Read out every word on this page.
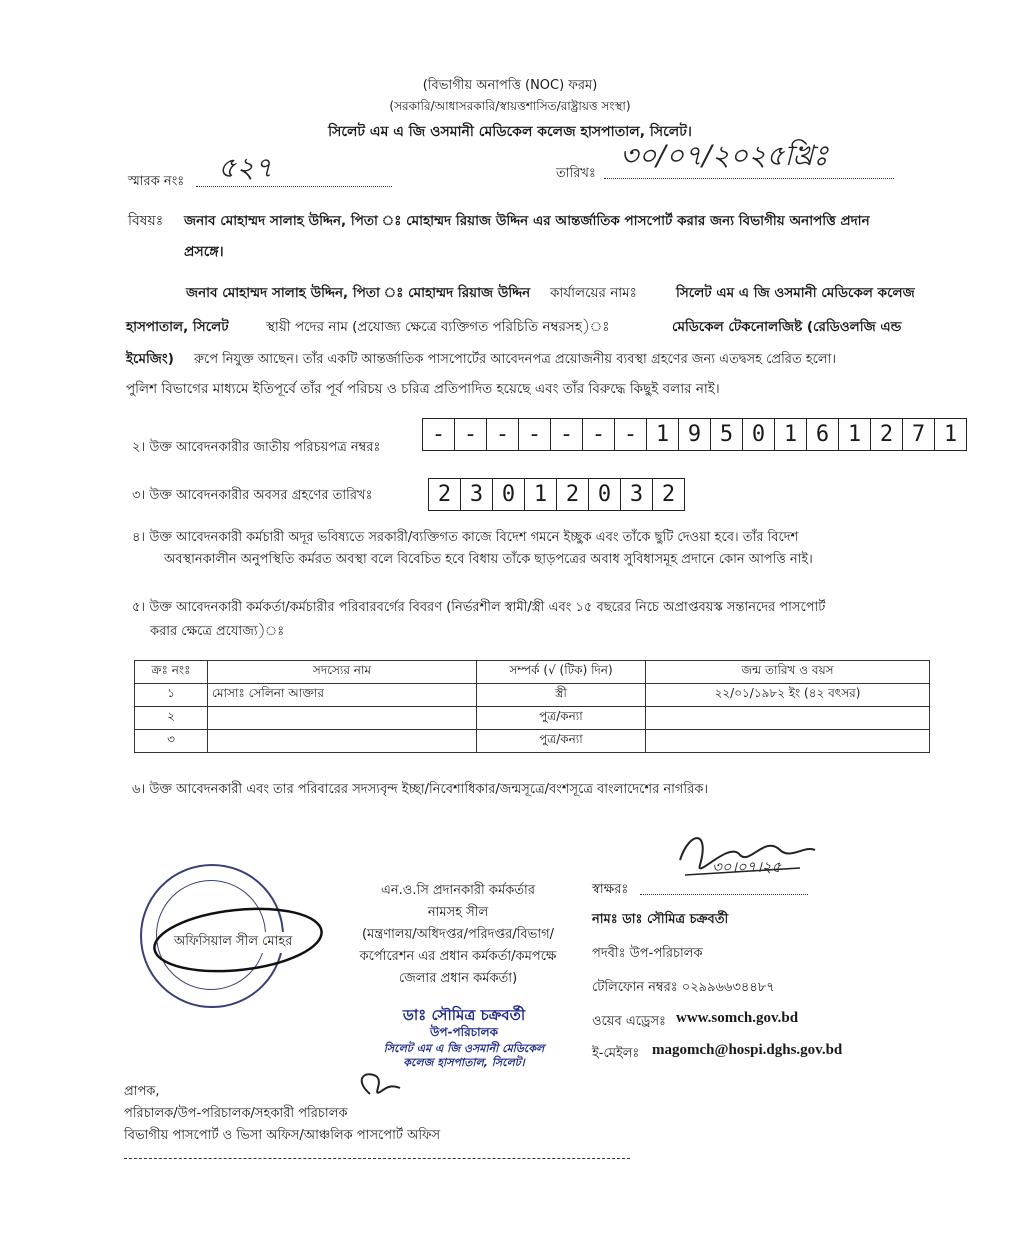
(বিভাগীয় অনাপত্তি (NOC) ফরম)
(সরকারি/আধাসরকারি/স্বায়ত্তশাসিত/রাষ্ট্রায়ত্ত সংস্থা)
সিলেট এম এ জি ওসমানী মেডিকেল কলেজ হাসপাতাল, সিলেট।
স্মারক নংঃ ৫২৭	তারিখঃ
৩০/০৭/২০২৫খ্রিঃ
বিষয়ঃ জনাব মোহাম্মদ সালাহ উদ্দিন, পিতা ঃ মোহাম্মদ রিয়াজ উদ্দিন এর আন্তর্জাতিক পাসপোর্ট করার জন্য বিভাগীয় অনাপত্তি প্রদান
প্রসঙ্গে।
জনাব মোহাম্মদ সালাহ উদ্দিন, পিতা ঃ মোহাম্মদ রিয়াজ উদ্দিন কার্যালয়ের নামঃ	সিলেট এম এ জি ওসমানী মেডিকেল কলেজ
হাসপাতাল, সিলেট	স্থায়ী পদের নাম (প্রযোজ্য ক্ষেত্রে ব্যক্তিগত পরিচিতি নম্বরসহ)ঃ	মেডিকেল টেকনোলজিষ্ট (রেডিওলজি এন্ড
ইমেজিং) রুপে নিযুক্ত আছেন। তাঁর একটি আন্তর্জাতিক পাসপোর্টের আবেদনপত্র প্রয়োজনীয় ব্যবস্থা গ্রহণের জন্য এতদ্বসহ প্রেরিত হলো।
পুলিশ বিভাগের মাধ্যমে ইতিপূর্বে তাঁর পূর্ব পরিচয় ও চরিত্র প্রতিপাদিত হয়েছে এবং তাঁর বিরুদ্ধে কিছুই বলার নাই।
২। উক্ত আবেদনকারীর জাতীয় পরিচয়পত্র নম্বরঃ
- - - - - - - 1 9 5 0 1 6 1 2 7 1
৩। উক্ত আবেদনকারীর অবসর গ্রহণের তারিখঃ	2 3 0 1 2 0 3 2
৪। উক্ত আবেদনকারী কর্মচারী অদূর ভবিষ্যতে সরকারী/ব্যক্তিগত কাজে বিদেশ গমনে ইচ্ছুক এবং তাঁকে ছুটি দেওয়া হবে। তাঁর বিদেশ
অবস্থানকালীন অনুপস্থিতি কর্মরত অবস্থা বলে বিবেচিত হবে বিধায় তাঁকে ছাড়পত্রের অবাধ সুবিধাসমূহ প্রদানে কোন আপত্তি নাই।
৫। উক্ত আবেদনকারী কর্মকর্তা/কর্মচারীর পরিবারবর্গের বিবরণ (নির্ভরশীল স্বামী/স্ত্রী এবং ১৫ বছরের নিচে অপ্রাপ্তবয়স্ক সন্তানদের পাসপোর্ট
করার ক্ষেত্রে প্রযোজ্য)ঃ
ক্রঃ নংঃ	সদস্যের নাম	সম্পর্ক (√ (টিক) দিন)	জন্ম তারিখ ও বয়স
১	মোসাঃ সেলিনা আক্তার	স্ত্রী	২২/০১/১৯৮২ ইং (৪২ বৎসর)
২		পুত্র/কন্যা	
৩		পুত্র/কন্যা	
৬। উক্ত আবেদনকারী এবং তার পরিবারের সদস্যবৃন্দ ইচ্ছা/নিবেশাধিকার/জন্মসূত্রে/বংশসূত্রে বাংলাদেশের নাগরিক।
৩০।০৭।২৫
স্বাক্ষরঃ
নামঃ ডাঃ সৌমিত্র চক্রবর্তী
পদবীঃ উপ-পরিচালক
টেলিফোন নম্বরঃ ০২৯৯৬৬৩৪৪৮৭
ওয়েব এড্রেসঃ www.somch.gov.bd
ই-মেইলঃ magomch@hospi.dghs.gov.bd
এন.ও.সি প্রদানকারী কর্মকর্তার
নামসহ সীল
(মন্ত্রণালয়/অধিদপ্তর/পরিদপ্তর/বিভাগ/
কর্পোরেশন এর প্রধান কর্মকর্তা/কমপক্ষে
জেলার প্রধান কর্মকর্তা)
অফিসিয়াল সীল মোহর
ডাঃ সৌমিত্র চক্রবর্তী
উপ-পরিচালক
সিলেট এম এ জি ওসমানী মেডিকেল
কলেজ হাসপাতাল, সিলেট।
প্রাপক,
পরিচালক/উপ-পরিচালক/সহকারী পরিচালক
বিভাগীয় পাসপোর্ট ও ভিসা অফিস/আঞ্চলিক পাসপোর্ট অফিস
